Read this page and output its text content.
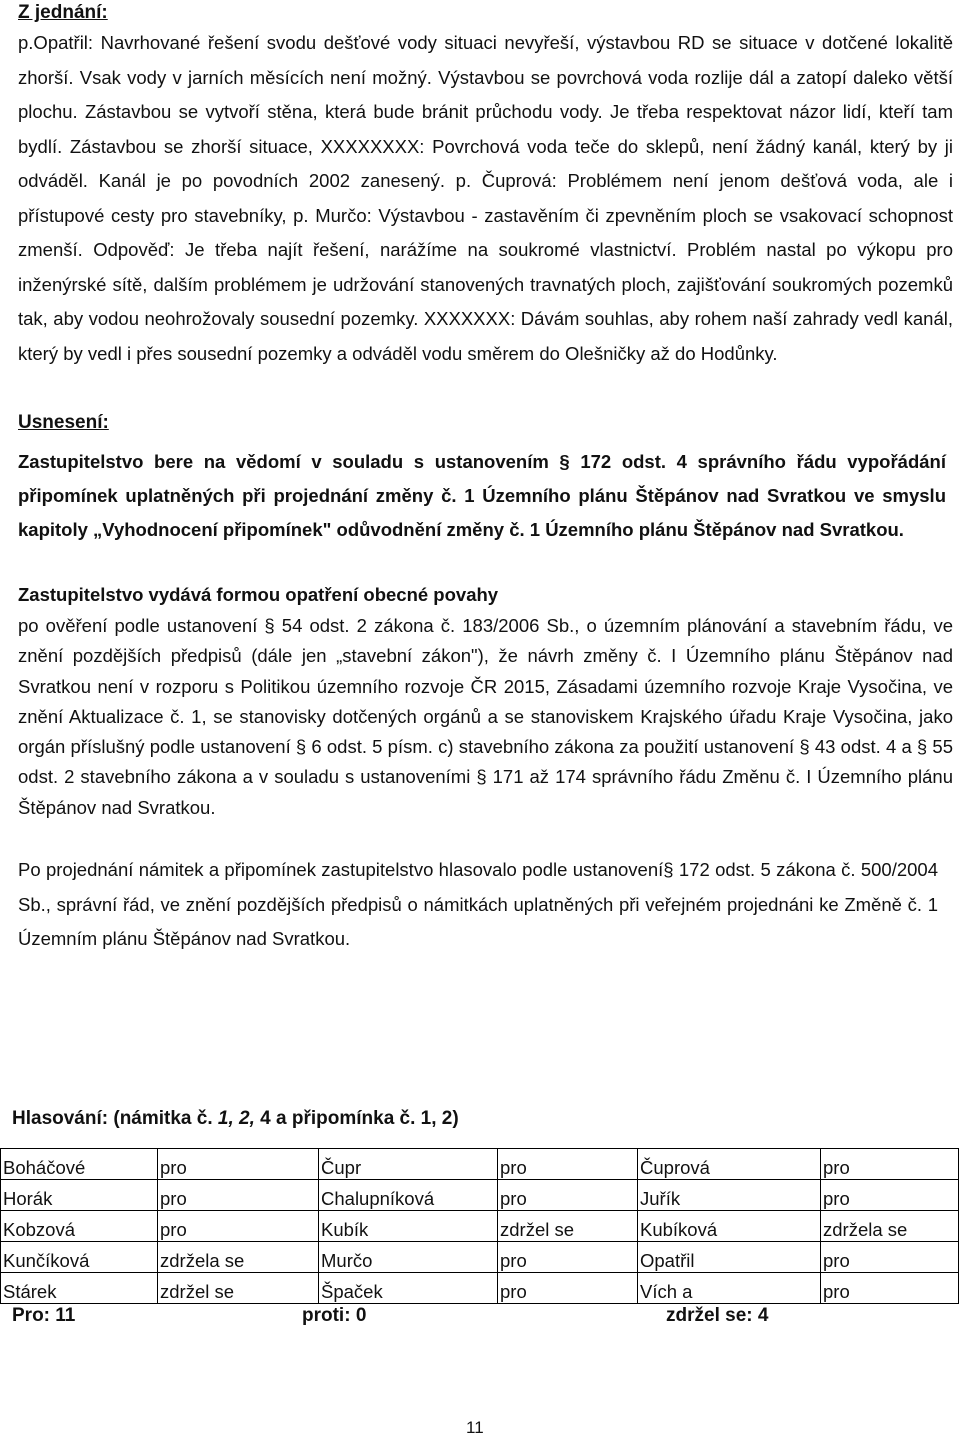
Z jednání:
p.Opatřil: Navrhované řešení svodu dešťové vody situaci nevyřeší, výstavbou RD se situace v dotčené lokalitě zhorší. Vsak vody v jarních měsících není možný. Výstavbou se povrchová voda rozlije dál a zatopí daleko větší plochu. Zástavbou se vytvoří stěna, která bude bránit průchodu vody. Je třeba respektovat názor lidí, kteří tam bydlí. Zástavbou se zhorší situace, XXXXXXXX: Povrchová voda teče do sklepů, není žádný kanál, který by ji odváděl. Kanál je po povodních 2002 zanesený. p. Čuprová: Problémem není jenom dešťová voda, ale i přístupové cesty pro stavebníky, p. Murčo: Výstavbou - zastavěním či zpevněním ploch se vsakovací schopnost zmenší. Odpověď: Je třeba najít řešení, narážíme na soukromé vlastnictví. Problém nastal po výkopu pro inženýrské sítě, dalším problémem je udržování stanovených travnatých ploch, zajišťování soukromých pozemků tak, aby vodou neohrožovaly sousední pozemky. XXXXXXX: Dávám souhlas, aby rohem naší zahrady vedl kanál, který by vedl i přes sousední pozemky a odváděl vodu směrem do Olešničky až do Hodůnky.
Usnesení:
Zastupitelstvo bere na vědomí v souladu s ustanovením § 172 odst. 4 správního řádu vypořádání připomínek uplatněných při projednání změny č. 1 Územního plánu Štěpánov nad Svratkou ve smyslu kapitoly „Vyhodnocení připomínek" odůvodnění změny č. 1 Územního plánu Štěpánov nad Svratkou.
Zastupitelstvo vydává formou opatření obecné povahy
po ověření podle ustanovení § 54 odst. 2 zákona č. 183/2006 Sb., o územním plánování a stavebním řádu, ve znění pozdějších předpisů (dále jen „stavební zákon"), že návrh změny č. I Územního plánu Štěpánov nad Svratkou není v rozporu s Politikou územního rozvoje ČR 2015, Zásadami územního rozvoje Kraje Vysočina, ve znění Aktualizace č. 1, se stanovisky dotčených orgánů a se stanoviskem Krajského úřadu Kraje Vysočina, jako orgán příslušný podle ustanovení § 6 odst. 5 písm. c) stavebního zákona za použití ustanovení § 43 odst. 4 a § 55 odst. 2 stavebního zákona a v souladu s ustanoveními § 171 až 174 správního řádu Změnu č. I Územního plánu Štěpánov nad Svratkou.
Po projednání námitek a připomínek zastupitelstvo hlasovalo podle ustanovení§ 172 odst. 5 zákona č. 500/2004 Sb., správní řád, ve znění pozdějších předpisů o námitkách uplatněných při veřejném projednáni ke Změně č. 1 Územním plánu Štěpánov nad Svratkou.
Hlasování: (námitka č. 1, 2, 4 a připomínka č. 1, 2)
Boháčové	pro	Čupr	pro	Čuprová	pro
Horák	pro	Chalupníková	pro	Juřík	pro
Kobzová	pro	Kubík	zdržel se	Kubíková	zdržela se
Kunčíková	zdržela se	Murčo	pro	Opatřil	pro
Stárek	zdržel se	Špaček	pro	Vích a	pro
Pro: 11	proti: 0	zdržel se: 4
11
